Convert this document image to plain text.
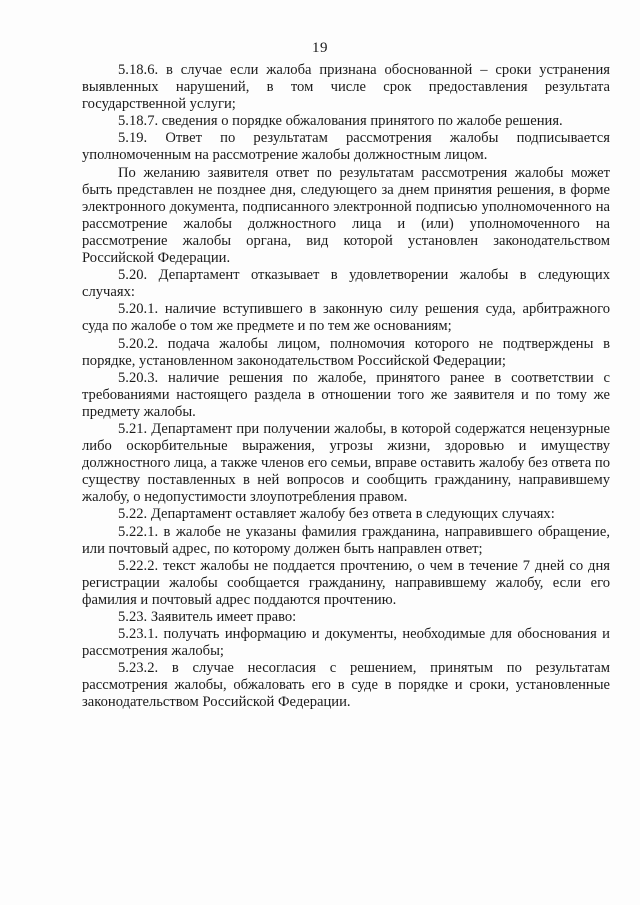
19

5.18.6. в случае если жалоба признана обоснованной – сроки устранения выявленных нарушений, в том числе срок предоставления результата государственной услуги;

5.18.7. сведения о порядке обжалования принятого по жалобе решения.

5.19. Ответ по результатам рассмотрения жалобы подписывается уполномоченным на рассмотрение жалобы должностным лицом.

По желанию заявителя ответ по результатам рассмотрения жалобы может быть представлен не позднее дня, следующего за днем принятия решения, в форме электронного документа, подписанного электронной подписью уполномоченного на рассмотрение жалобы должностного лица и (или) уполномоченного на рассмотрение жалобы органа, вид которой установлен законодательством Российской Федерации.

5.20. Департамент отказывает в удовлетворении жалобы в следующих случаях:

5.20.1. наличие вступившего в законную силу решения суда, арбитражного суда по жалобе о том же предмете и по тем же основаниям;

5.20.2. подача жалобы лицом, полномочия которого не подтверждены в порядке, установленном законодательством Российской Федерации;

5.20.3. наличие решения по жалобе, принятого ранее в соответствии с требованиями настоящего раздела в отношении того же заявителя и по тому же предмету жалобы.

5.21. Департамент при получении жалобы, в которой содержатся нецензурные либо оскорбительные выражения, угрозы жизни, здоровью и имуществу должностного лица, а также членов его семьи, вправе оставить жалобу без ответа по существу поставленных в ней вопросов и сообщить гражданину, направившему жалобу, о недопустимости злоупотребления правом.

5.22. Департамент оставляет жалобу без ответа в следующих случаях:

5.22.1. в жалобе не указаны фамилия гражданина, направившего обращение, или почтовый адрес, по которому должен быть направлен ответ;

5.22.2. текст жалобы не поддается прочтению, о чем в течение 7 дней со дня регистрации жалобы сообщается гражданину, направившему жалобу, если его фамилия и почтовый адрес поддаются прочтению.

5.23. Заявитель имеет право:

5.23.1. получать информацию и документы, необходимые для обоснования и рассмотрения жалобы;

5.23.2. в случае несогласия с решением, принятым по результатам рассмотрения жалобы, обжаловать его в суде в порядке и сроки, установленные законодательством Российской Федерации.
